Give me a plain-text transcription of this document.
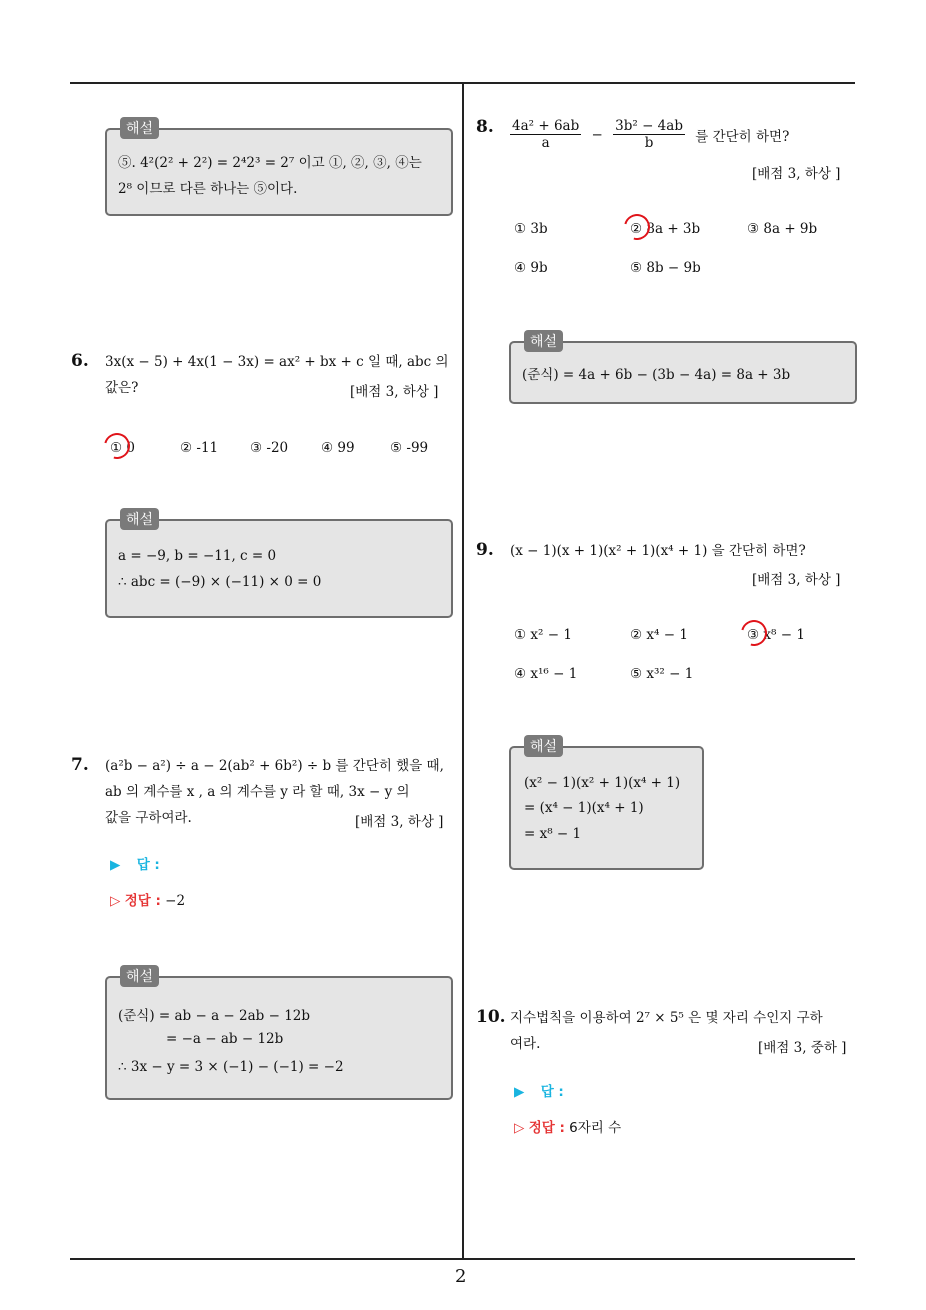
2
해설
⑤. 4²(2² + 2²) = 2⁴2³ = 2⁷ 이고 ①, ②, ③, ④는
2⁸ 이므로 다른 하나는 ⑤이다.
6. 3x(x − 5) + 4x(1 − 3x) = ax² + bx + c 일 때, abc 의
값은?	[배점 3, 하상 ]
① 0	② -11 ③ -20 ④ 99	⑤ -99
해설
a = −9, b = −11, c = 0
∴ abc = (−9) × (−11) × 0 = 0
7. (a²b − a²) ÷ a − 2(ab² + 6b²) ÷ b 를 간단히 했을 때,
ab 의 계수를 x , a 의 계수를 y 라 할 때, 3x − y 의
값을 구하여라.	[배점 3, 하상 ]
▶ 답 :
▷ 정답 : −2
해설
(준식) = ab − a − 2ab − 12b
= −a − ab − 12b
∴ 3x − y = 3 × (−1) − (−1) = −2
8. $\frac{\text{4a² + 6ab}}{a} - \frac{\text{3b² − 4ab}}{b}$ 를 간단히 하면?
[배점 3, 하상 ]
① 3b	② 8a + 3b	③ 8a + 9b
④ 9b	⑤ 8b − 9b
해설
(준식) = 4a + 6b − (3b − 4a) = 8a + 3b
9. (x − 1)(x + 1)(x² + 1)(x⁴ + 1) 을 간단히 하면?
[배점 3, 하상 ]
① x² − 1	② x⁴ − 1	③ x⁸ − 1
④ x¹⁶ − 1	⑤ x³² − 1
해설
(x² − 1)(x² + 1)(x⁴ + 1)
= (x⁴ − 1)(x⁴ + 1)
= x⁸ − 1
10. 지수법칙을 이용하여 2⁷ × 5⁵ 은 몇 자리 수인지 구하
여라.	[배점 3, 중하 ]
▶ 답 :
▷ 정답 : 6자리 수
